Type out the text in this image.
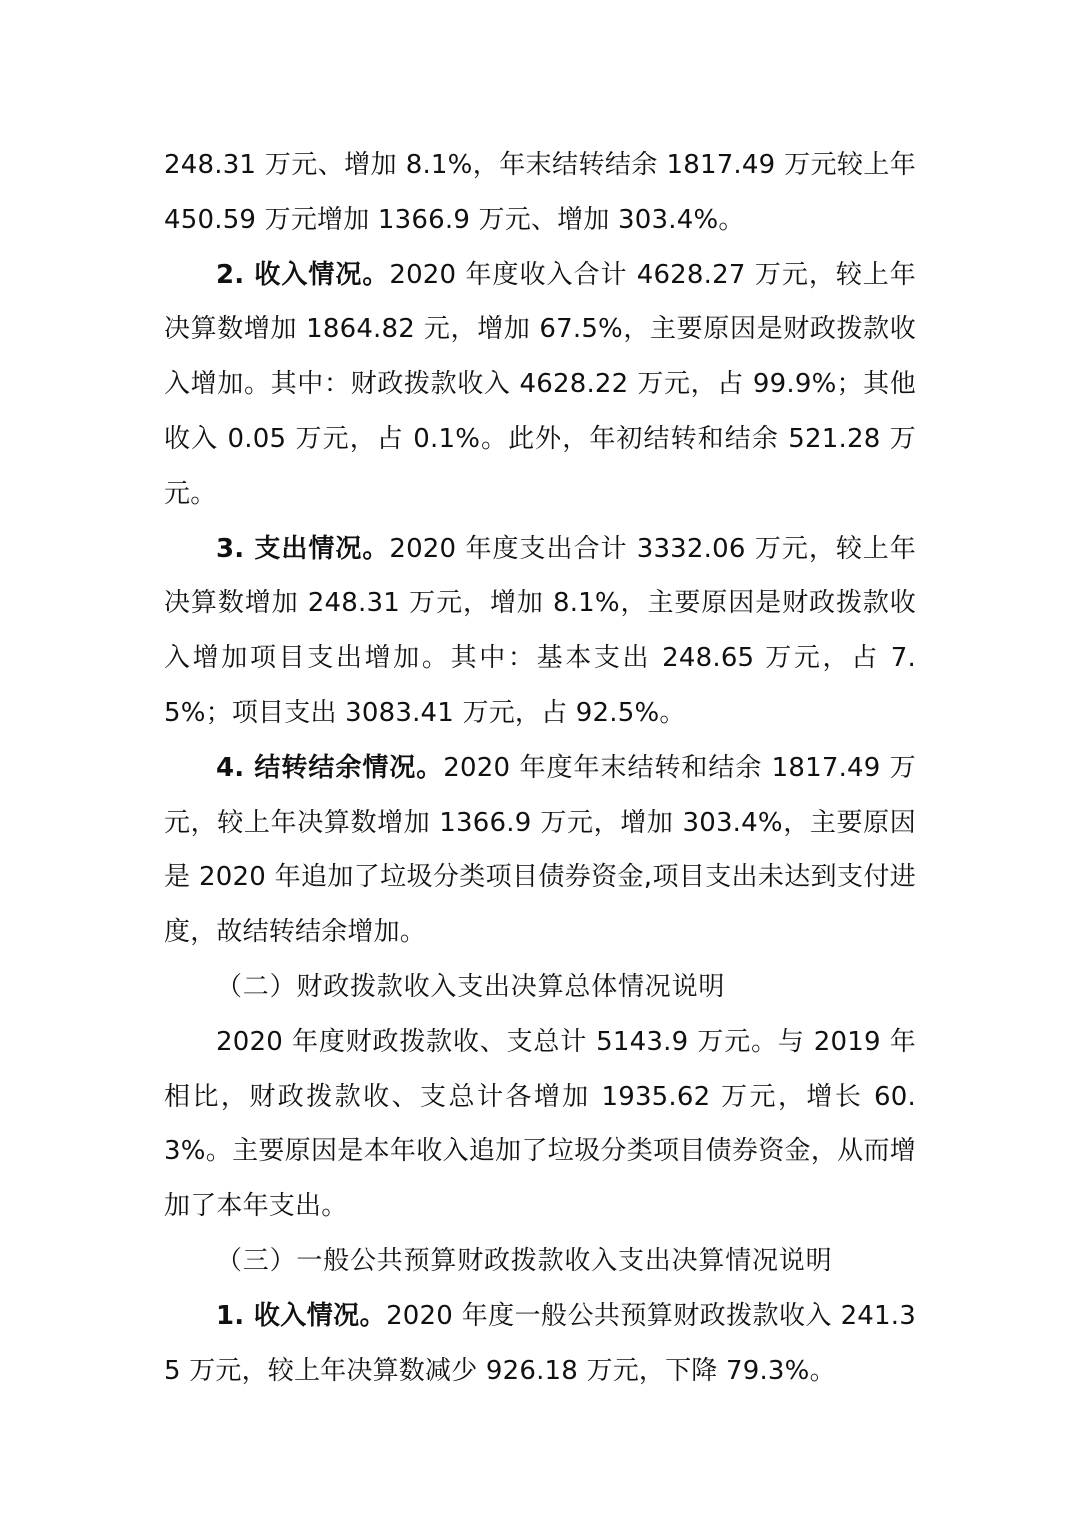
248.31 万元、增加 8.1%，年末结转结余 1817.49 万元较上年 450.59 万元增加 1366.9 万元、增加 303.4%。

2. 收入情况。2020 年度收入合计 4628.27 万元，较上年决算数增加 1864.82 元，增加 67.5%，主要原因是财政拨款收入增加。其中：财政拨款收入 4628.22 万元，占 99.9%；其他收入 0.05 万元，占 0.1%。此外，年初结转和结余 521.28 万元。

3. 支出情况。2020 年度支出合计 3332.06 万元，较上年决算数增加 248.31 万元，增加 8.1%，主要原因是财政拨款收入增加项目支出增加。其中：基本支出 248.65 万元，占 7.5%；项目支出 3083.41 万元，占 92.5%。

4. 结转结余情况。2020 年度年末结转和结余 1817.49 万元，较上年决算数增加 1366.9 万元，增加 303.4%，主要原因是 2020 年追加了垃圾分类项目债券资金,项目支出未达到支付进度，故结转结余增加。

（二）财政拨款收入支出决算总体情况说明

2020 年度财政拨款收、支总计 5143.9 万元。与 2019 年相比，财政拨款收、支总计各增加 1935.62 万元，增长 60.3%。主要原因是本年收入追加了垃圾分类项目债券资金，从而增加了本年支出。

（三）一般公共预算财政拨款收入支出决算情况说明

1. 收入情况。2020 年度一般公共预算财政拨款收入 241.35 万元，较上年决算数减少 926.18 万元，下降 79.3%。
